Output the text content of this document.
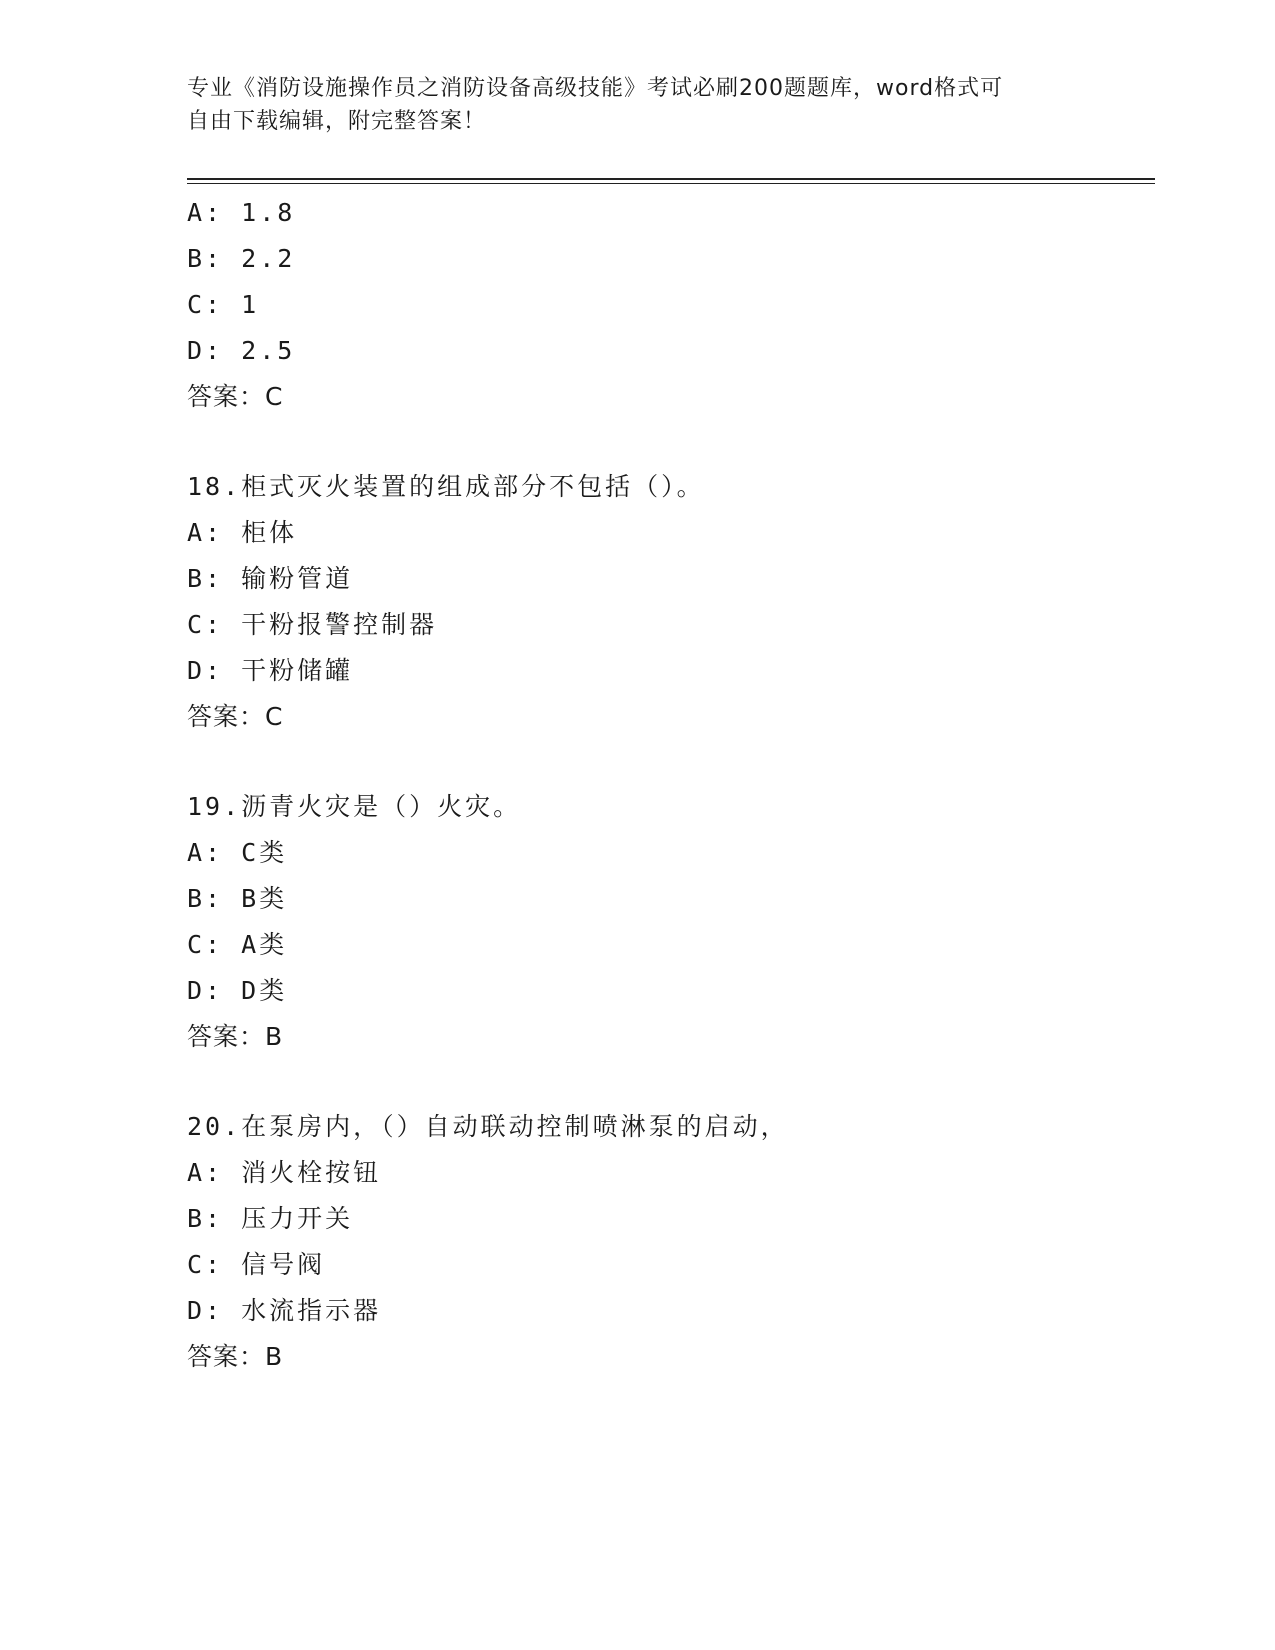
专业《消防设施操作员之消防设备高级技能》考试必刷200题题库，word格式可
自由下载编辑，附完整答案！
A: 1.8
B: 2.2
C: 1
D: 2.5
答案：C
18.柜式灭火装置的组成部分不包括（）。
A: 柜体
B: 输粉管道
C: 干粉报警控制器
D: 干粉储罐
答案：C
19.沥青火灾是（）火灾。
A: C类
B: B类
C: A类
D: D类
答案：B
20.在泵房内，（）自动联动控制喷淋泵的启动，
A: 消火栓按钮
B: 压力开关
C: 信号阀
D: 水流指示器
答案：B
